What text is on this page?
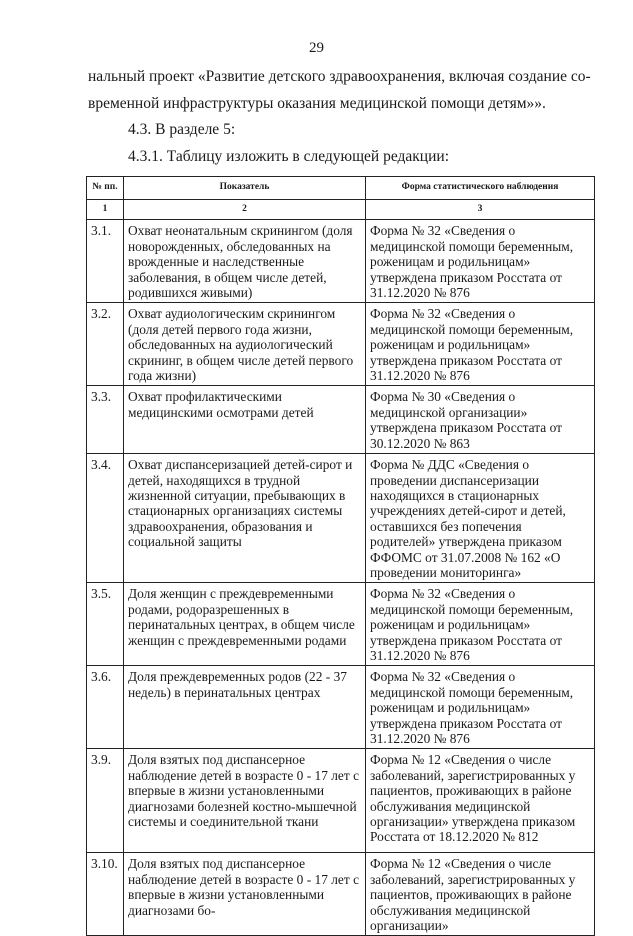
29
нальный проект «Развитие детского здравоохранения, включая создание со-
временной инфраструктуры оказания медицинской помощи детям»».
4.3. В разделе 5:
4.3.1. Таблицу изложить в следующей редакции:
№ пп.	Показатель	Форма статистического наблюдения
1	2	3
3.1.	Охват неонатальным скринингом (доля новорожденных, обследованных на врожденные и наследственные заболевания, в общем числе детей, родившихся живыми)	Форма № 32 «Сведения о медицинской помощи беременным, роженицам и родильницам» утверждена приказом Росстата от 31.12.2020 № 876
3.2.	Охват аудиологическим скринингом (доля детей первого года жизни, обследованных на аудиологический скрининг, в общем числе детей первого года жизни)	Форма № 32 «Сведения о медицинской помощи беременным, роженицам и родильницам» утверждена приказом Росстата от 31.12.2020 № 876
3.3.	Охват профилактическими медицинскими осмотрами детей	Форма № 30 «Сведения о медицинской организации» утверждена приказом Росстата от 30.12.2020 № 863
3.4.	Охват диспансеризацией детей-сирот и детей, находящихся в трудной жизненной ситуации, пребывающих в стационарных организациях системы здравоохранения, образования и социальной защиты	Форма № ДДС «Сведения о проведении диспансеризации находящихся в стационарных учреждениях детей-сирот и детей, оставшихся без попечения родителей» утверждена приказом ФФОМС от 31.07.2008 № 162 «О проведении мониторинга»
3.5.	Доля женщин с преждевременными родами, родоразрешенных в перинатальных центрах, в общем числе женщин с преждевременными родами	Форма № 32 «Сведения о медицинской помощи беременным, роженицам и родильницам» утверждена приказом Росстата от 31.12.2020 № 876
3.6.	Доля преждевременных родов (22 - 37 недель) в перинатальных центрах	Форма № 32 «Сведения о медицинской помощи беременным, роженицам и родильницам» утверждена приказом Росстата от 31.12.2020 № 876
3.9.	Доля взятых под диспансерное наблюдение детей в возрасте 0 - 17 лет с впервые в жизни установленными диагнозами болезней костно-мышечной системы и соединительной ткани	Форма № 12 «Сведения о числе заболеваний, зарегистрированных у пациентов, проживающих в районе обслуживания медицинской организации» утверждена приказом Росстата от 18.12.2020 № 812
3.10.	Доля взятых под диспансерное наблюдение детей в возрасте 0 - 17 лет с впервые в жизни установленными диагнозами бо-	Форма № 12 «Сведения о числе заболеваний, зарегистрированных у пациентов, проживающих в районе обслуживания медицинской организации»
